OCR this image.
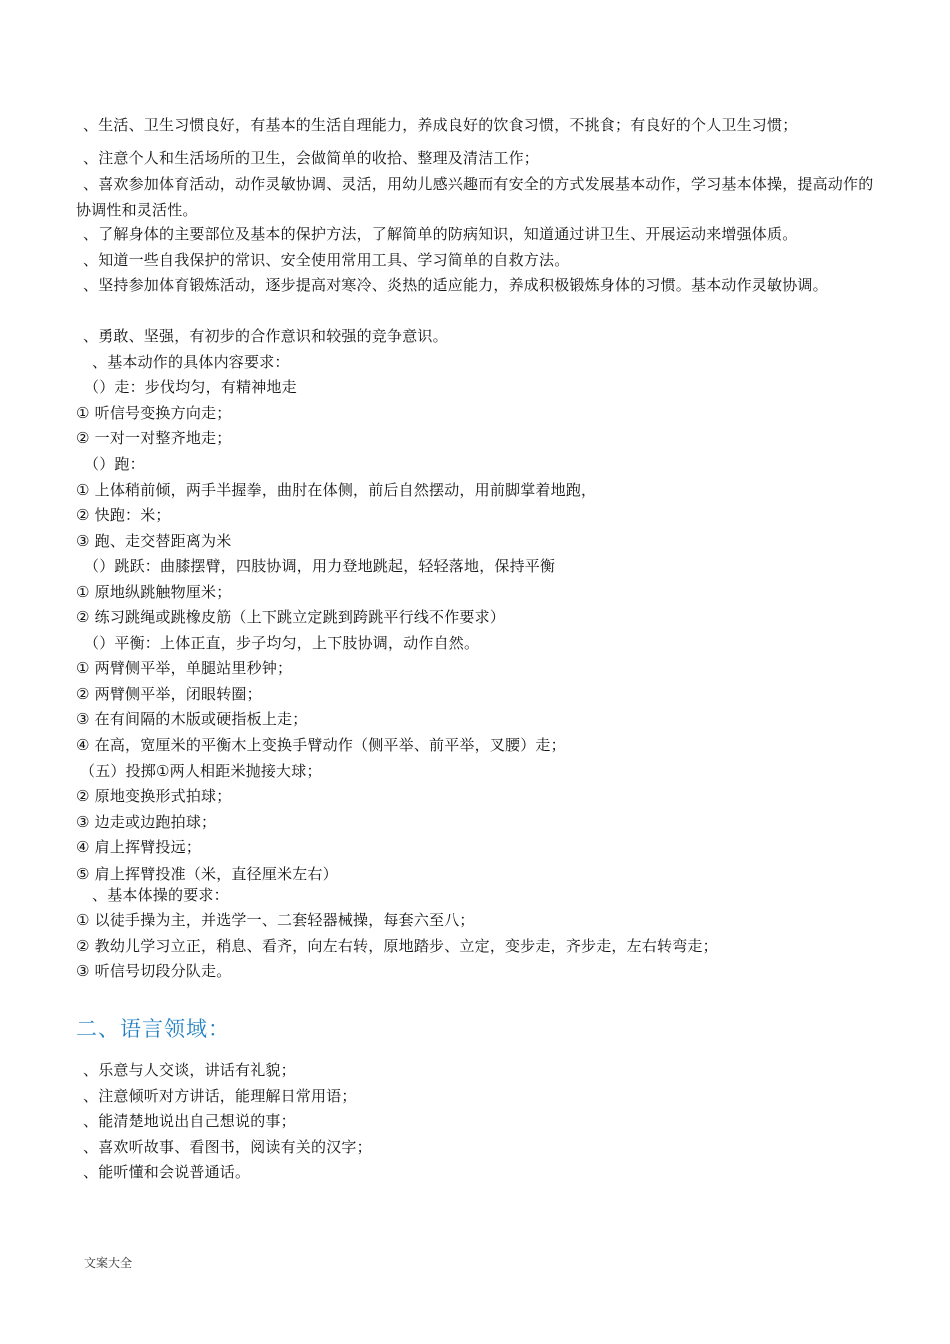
、生活、卫生习惯良好，有基本的生活自理能力，养成良好的饮食习惯，不挑食；有良好的个人卫生习惯；
、注意个人和生活场所的卫生，会做简单的收拾、整理及清洁工作；
、喜欢参加体育活动，动作灵敏协调、灵活，用幼儿感兴趣而有安全的方式发展基本动作，学习基本体操，提高动作的协调性和灵活性。
、了解身体的主要部位及基本的保护方法，了解简单的防病知识，知道通过讲卫生、开展运动来增强体质。
、知道一些自我保护的常识、安全使用常用工具、学习简单的自救方法。
、坚持参加体育锻炼活动，逐步提高对寒冷、炎热的适应能力，养成积极锻炼身体的习惯。基本动作灵敏协调。
、勇敢、坚强，有初步的合作意识和较强的竞争意识。
、基本动作的具体内容要求：
（）走：步伐均匀，有精神地走
① 听信号变换方向走；
② 一对一对整齐地走；
（）跑：
① 上体稍前倾，两手半握拳，曲肘在体侧，前后自然摆动，用前脚掌着地跑，
② 快跑：米；
③ 跑、走交替距离为米
（）跳跃：曲膝摆臂，四肢协调，用力登地跳起，轻轻落地，保持平衡
① 原地纵跳触物厘米；
② 练习跳绳或跳橡皮筋（上下跳立定跳到跨跳平行线不作要求）
（）平衡：上体正直，步子均匀，上下肢协调，动作自然。
① 两臂侧平举，单腿站里秒钟；
② 两臂侧平举，闭眼转圈；
③ 在有间隔的木版或硬指板上走；
④ 在高，宽厘米的平衡木上变换手臂动作（侧平举、前平举，叉腰）走；
（五）投掷①两人相距米抛接大球；
② 原地变换形式拍球；
③ 边走或边跑拍球；
④ 肩上挥臂投远；
⑤ 肩上挥臂投准（米，直径厘米左右）
、基本体操的要求：
① 以徒手操为主，并选学一、二套轻器械操，每套六至八；
② 教幼儿学习立正，稍息、看齐，向左右转，原地踏步、立定，变步走，齐步走，左右转弯走；
③ 听信号切段分队走。
二、语言领域：
、乐意与人交谈，讲话有礼貌；
、注意倾听对方讲话，能理解日常用语；
、能清楚地说出自己想说的事；
、喜欢听故事、看图书，阅读有关的汉字；
、能听懂和会说普通话。
文案大全
